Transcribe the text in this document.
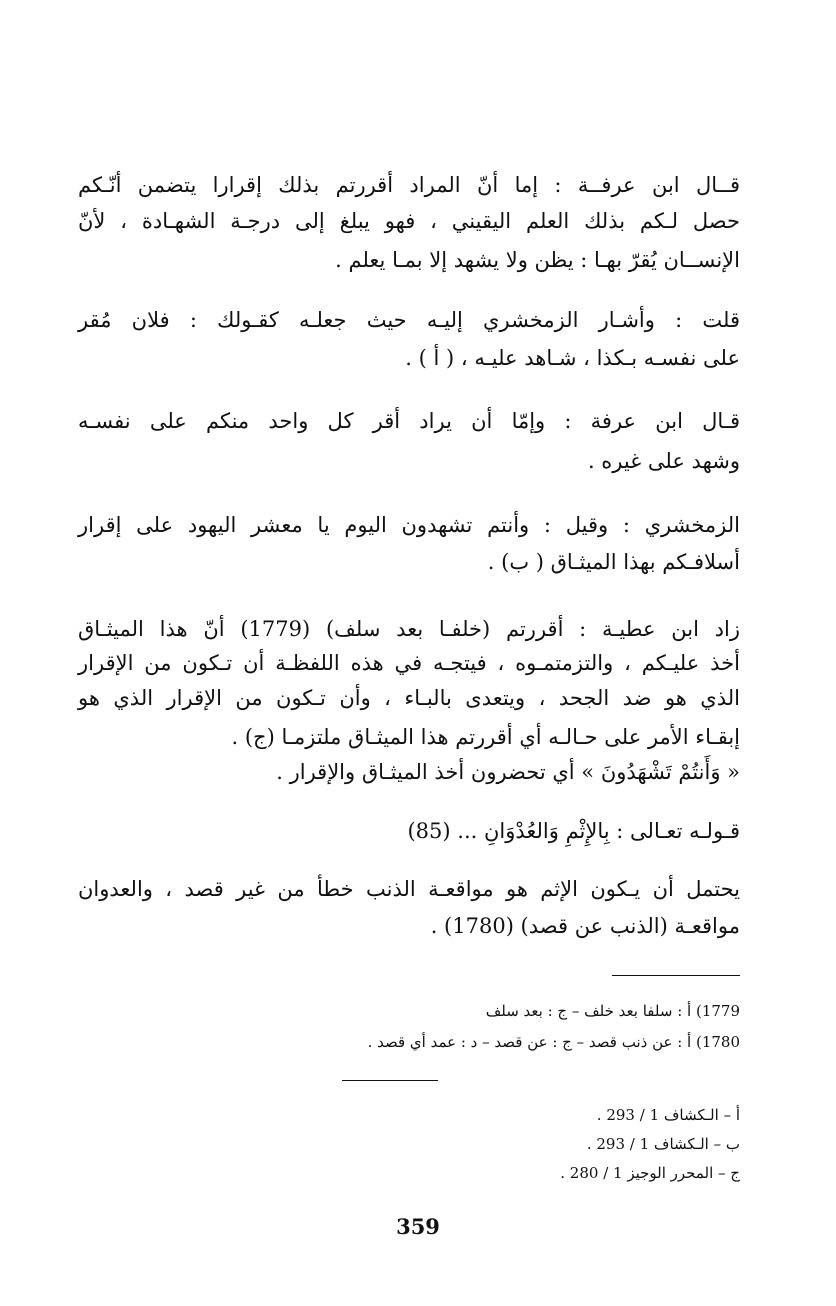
قــال ابن عرفــة : إما أنّ المراد أقررتم بذلك إقرارا يتضمن أنّـكم
حصل لـكم بذلك العلم اليقيني ، فهو يبلغ إلى درجـة الشهـادة ، لأنّ
الإنســان يُقرّ بهـا : يظن ولا يشهد إلا بمـا يعلم .
قلت : وأشـار الزمخشري إليـه حيث جعلـه كقـولك : فلان مُقر
على نفسـه بـكذا ، شـاهد عليـه ، ( أ ) .
قـال ابن عرفة : وإمّا أن يراد أقر كل واحد منكم على نفسـه
وشهد على غيره .
الزمخشري : وقيل : وأنتم تشهدون اليوم يا معشر اليهود على إقرار
أسلافـكم بهذا الميثـاق ( ب) .
زاد ابن عطيـة : أقررتم (خلفـا بعد سلف) (1779) أنّ هذا الميثـاق
أخذ عليـكم ، والتزمتمـوه ، فيتجـه في هذه اللفظـة أن تـكون من الإقرار
الذي هو ضد الجحد ، ويتعدى بالبـاء ، وأن تـكون من الإقرار الذي هو
إبقـاء الأمر على حـالـه أي أقررتم هذا الميثـاق ملتزمـا (ج) .
« وَأَنتُمْ تَشْهَدُونَ » أي تحضرون أخذ الميثـاق والإقرار .
قـولـه تعـالى : بِالإِثْمِ وَالعُدْوَانِ ... (85)
يحتمل أن يـكون الإثم هو مواقعـة الذنب خطأ من غير قصد ، والعدوان
مواقعـة (الذنب عن قصد) (1780) .
1779) أ : سلفا بعد خلف – ج : بعد سلف
1780) أ : عن ذنب قصد – ج : عن قصد – د : عمد أي قصد .
أ – الـكشاف 1 / 293 .
ب – الـكشاف 1 / 293 .
ج – المحرر الوجيز 1 / 280 .
359
